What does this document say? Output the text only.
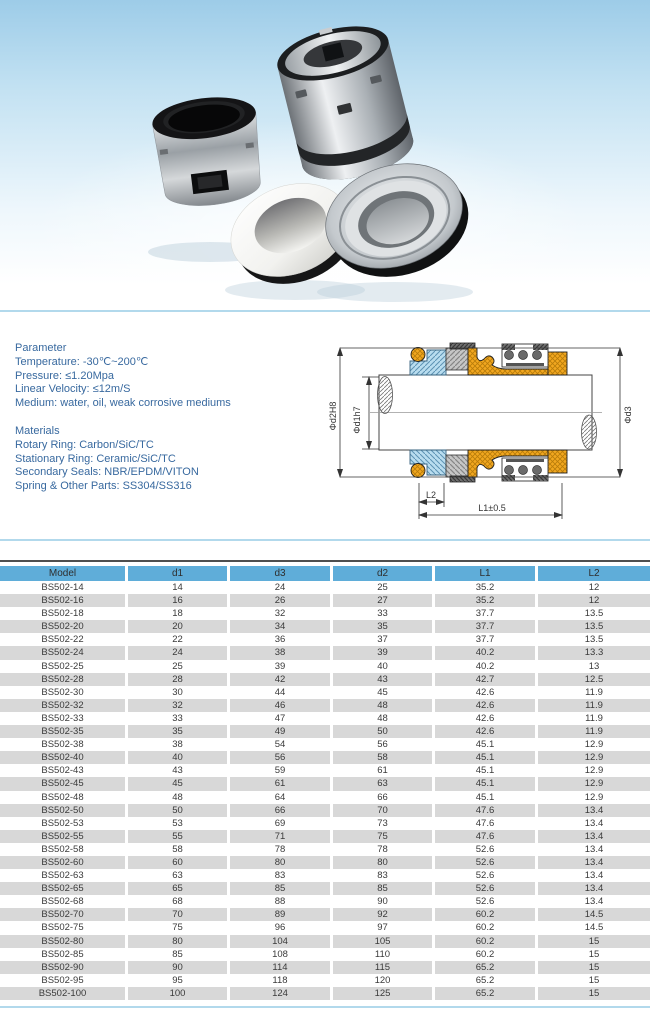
Parameter
Temperature: -30℃~200℃
Pressure: ≤1.20Mpa
Linear Velocity: ≤12m/S
Medium: water, oil, weak corrosive mediums
Materials
Rotary Ring: Carbon/SiC/TC
Stationary Ring: Ceramic/SiC/TC
Secondary Seals: NBR/EPDM/VITON
Spring & Other Parts: SS304/SS316
Φd2H8 Φd1h7	Φd3
L2
L1±0.5
Model	d1	d3	d2	L1	L2
BS502-14	14	24	25	35.2	12
BS502-16	16	26	27	35.2	12
BS502-18	18	32	33	37.7	13.5
BS502-20	20	34	35	37.7	13.5
BS502-22	22	36	37	37.7	13.5
BS502-24	24	38	39	40.2	13.3
BS502-25	25	39	40	40.2	13
BS502-28	28	42	43	42.7	12.5
BS502-30	30	44	45	42.6	11.9
BS502-32	32	46	48	42.6	11.9
BS502-33	33	47	48	42.6	11.9
BS502-35	35	49	50	42.6	11.9
BS502-38	38	54	56	45.1	12.9
BS502-40	40	56	58	45.1	12.9
BS502-43	43	59	61	45.1	12.9
BS502-45	45	61	63	45.1	12.9
BS502-48	48	64	66	45.1	12.9
BS502-50	50	66	70	47.6	13.4
BS502-53	53	69	73	47.6	13.4
BS502-55	55	71	75	47.6	13.4
BS502-58	58	78	78	52.6	13.4
BS502-60	60	80	80	52.6	13.4
BS502-63	63	83	83	52.6	13.4
BS502-65	65	85	85	52.6	13.4
BS502-68	68	88	90	52.6	13.4
BS502-70	70	89	92	60.2	14.5
BS502-75	75	96	97	60.2	14.5
BS502-80	80	104	105	60.2	15
BS502-85	85	108	110	60.2	15
BS502-90	90	114	115	65.2	15
BS502-95	95	118	120	65.2	15
BS502-100	100	124	125	65.2	15
